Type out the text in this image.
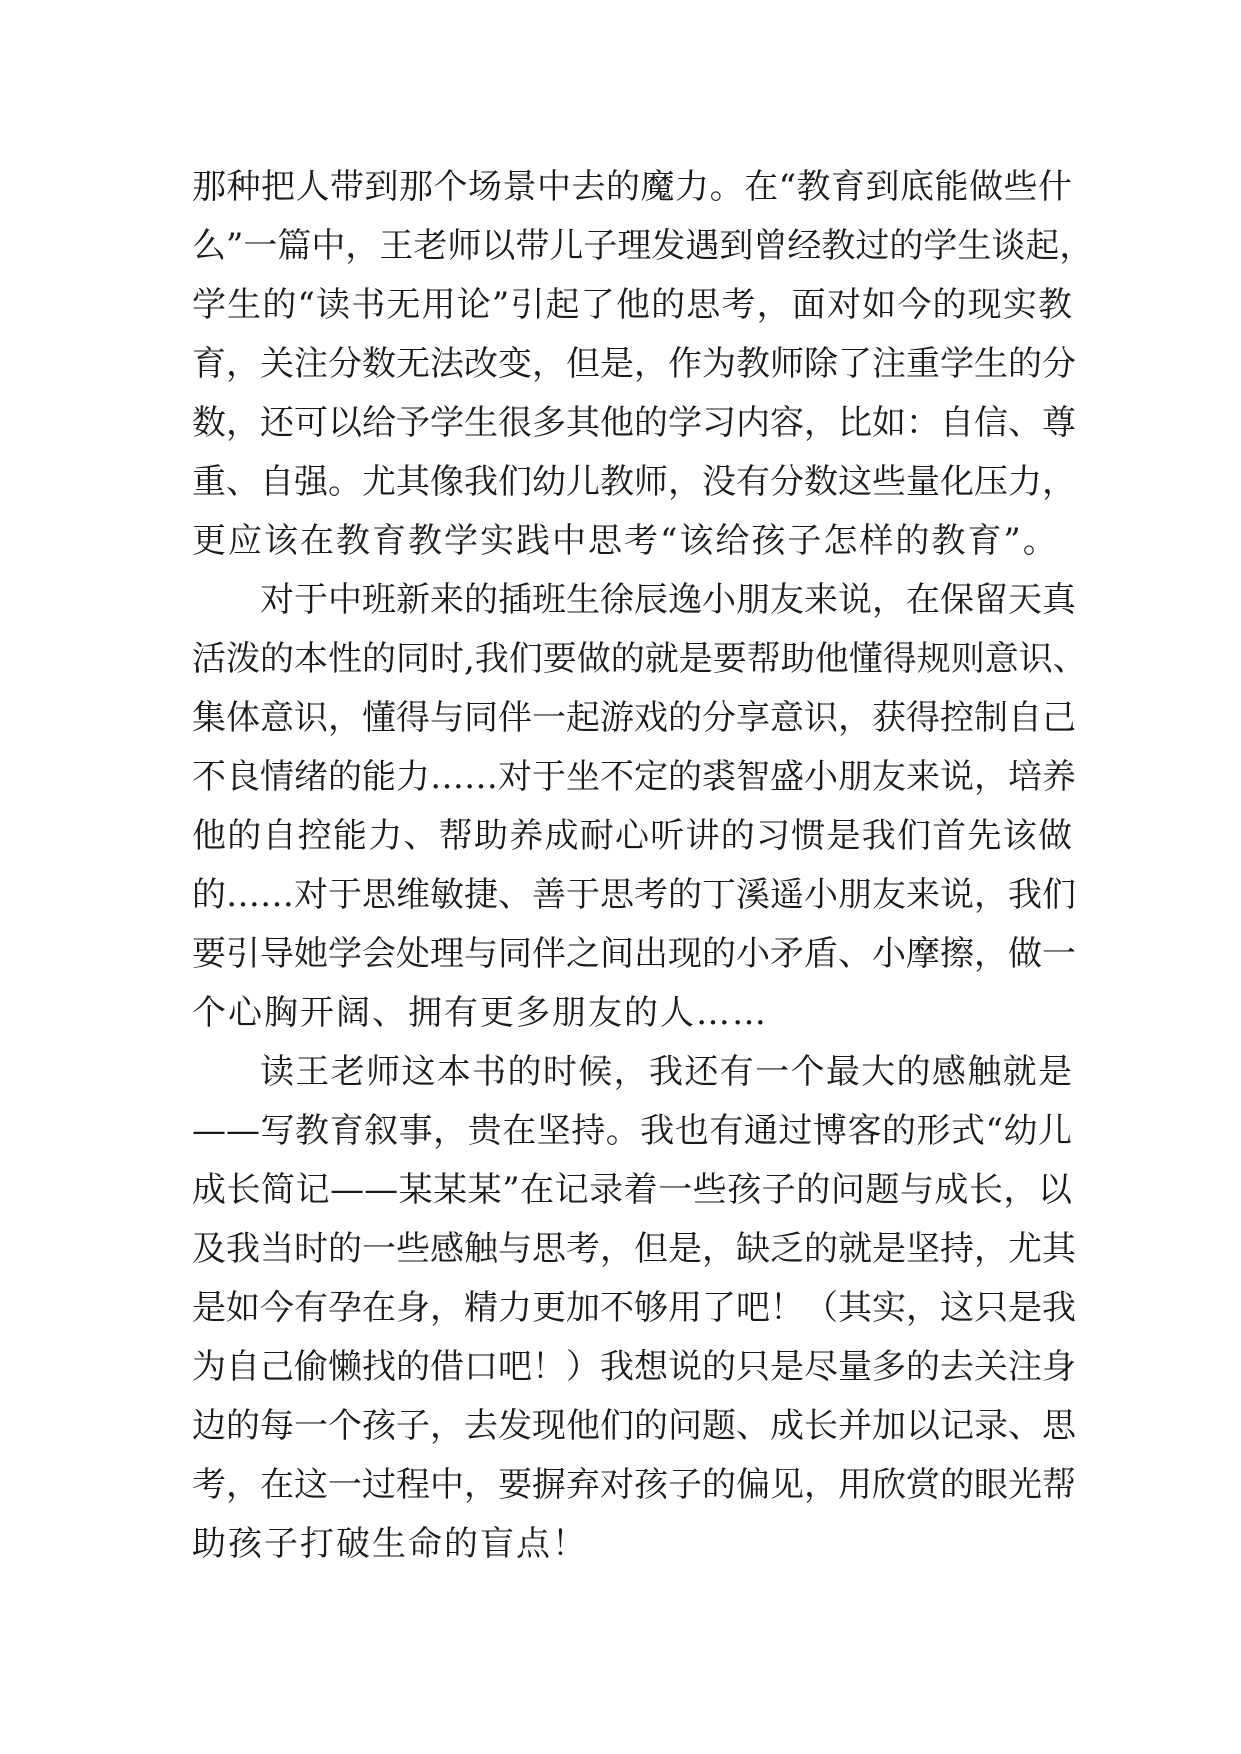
那种把人带到那个场景中去的魔力。在“教育到底能做些什
么”一篇中，王老师以带儿子理发遇到曾经教过的学生谈起，
学生的“读书无用论”引起了他的思考，面对如今的现实教
育，关注分数无法改变，但是，作为教师除了注重学生的分
数，还可以给予学生很多其他的学习内容，比如：自信、尊
重、自强。尤其像我们幼儿教师，没有分数这些量化压力，
更应该在教育教学实践中思考“该给孩子怎样的教育”。
对于中班新来的插班生徐辰逸小朋友来说，在保留天真
活泼的本性的同时,我们要做的就是要帮助他懂得规则意识、
集体意识，懂得与同伴一起游戏的分享意识，获得控制自己
不良情绪的能力……对于坐不定的裘智盛小朋友来说，培养
他的自控能力、帮助养成耐心听讲的习惯是我们首先该做
的……对于思维敏捷、善于思考的丁溪遥小朋友来说，我们
要引导她学会处理与同伴之间出现的小矛盾、小摩擦，做一
个心胸开阔、拥有更多朋友的人……
读王老师这本书的时候，我还有一个最大的感触就是
——写教育叙事，贵在坚持。我也有通过博客的形式“幼儿
成长简记——某某某”在记录着一些孩子的问题与成长，以
及我当时的一些感触与思考，但是，缺乏的就是坚持，尤其
是如今有孕在身，精力更加不够用了吧！（其实，这只是我
为自己偷懒找的借口吧！）我想说的只是尽量多的去关注身
边的每一个孩子，去发现他们的问题、成长并加以记录、思
考，在这一过程中，要摒弃对孩子的偏见，用欣赏的眼光帮
助孩子打破生命的盲点！
